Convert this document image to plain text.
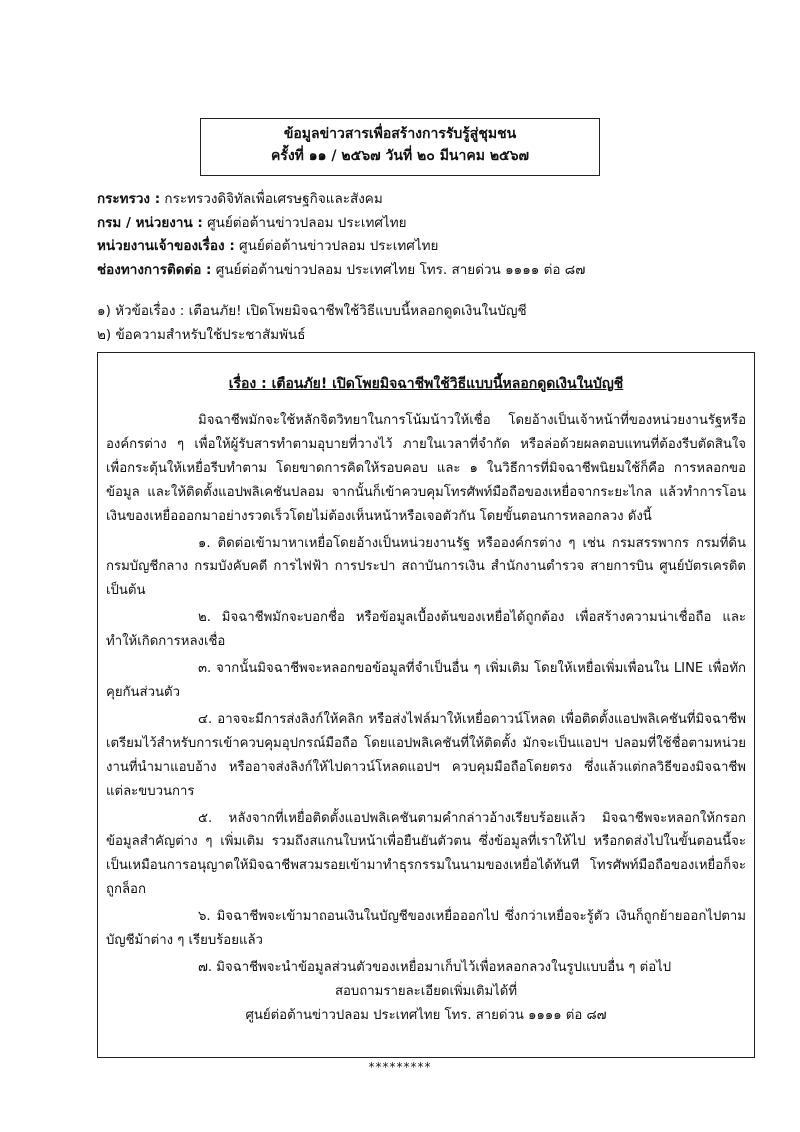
ข้อมูลข่าวสารเพื่อสร้างการรับรู้สู่ชุมชน
ครั้งที่ ๑๑ / ๒๕๖๗ วันที่ ๒๐ มีนาคม ๒๕๖๗
กระทรวง : กระทรวงดิจิทัลเพื่อเศรษฐกิจและสังคม
กรม / หน่วยงาน : ศูนย์ต่อต้านข่าวปลอม ประเทศไทย
หน่วยงานเจ้าของเรื่อง : ศูนย์ต่อต้านข่าวปลอม ประเทศไทย
ช่องทางการติดต่อ : ศูนย์ต่อต้านข่าวปลอม ประเทศไทย โทร. สายด่วน ๑๑๑๑ ต่อ ๘๗
๑) หัวข้อเรื่อง : เตือนภัย! เปิดโพยมิจฉาชีพใช้วิธีแบบนี้หลอกดูดเงินในบัญชี
๒) ข้อความสำหรับใช้ประชาสัมพันธ์
เรื่อง : เตือนภัย! เปิดโพยมิจฉาชีพใช้วิธีแบบนี้หลอกดูดเงินในบัญชี

มิจฉาชีพมักจะใช้หลักจิตวิทยาในการโน้มน้าวให้เชื่อ โดยอ้างเป็นเจ้าหน้าที่ของหน่วยงานรัฐหรือองค์กรต่าง ๆ เพื่อให้ผู้รับสารทำตามอุบายที่วางไว้ ภายในเวลาที่จำกัด หรือล่อด้วยผลตอบแทนที่ต้องรีบตัดสินใจ เพื่อกระตุ้นให้เหยื่อรีบทำตาม โดยขาดการคิดให้รอบคอบ และ ๑ ในวิธีการที่มิจฉาชีพนิยมใช้ก็คือ การหลอกขอข้อมูล และให้ติดตั้งแอปพลิเคชันปลอม จากนั้นก็เข้าควบคุมโทรศัพท์มือถือของเหยื่อจากระยะไกล แล้วทำการโอนเงินของเหยื่อออกมาอย่างรวดเร็วโดยไม่ต้องเห็นหน้าหรือเจอตัวกัน โดยขั้นตอนการหลอกลวง ดังนี้

๑. ติดต่อเข้ามาหาเหยื่อโดยอ้างเป็นหน่วยงานรัฐ หรือองค์กรต่าง ๆ เช่น กรมสรรพากร กรมที่ดิน กรมบัญชีกลาง กรมบังคับคดี การไฟฟ้า การประปา สถาบันการเงิน สำนักงานตำรวจ สายการบิน ศูนย์บัตรเครดิต เป็นต้น

๒. มิจฉาชีพมักจะบอกชื่อ หรือข้อมูลเบื้องต้นของเหยื่อได้ถูกต้อง เพื่อสร้างความน่าเชื่อถือ และทำให้เกิดการหลงเชื่อ

๓. จากนั้นมิจฉาชีพจะหลอกขอข้อมูลที่จำเป็นอื่น ๆ เพิ่มเติม โดยให้เหยื่อเพิ่มเพื่อนใน LINE เพื่อทักคุยกันส่วนตัว

๔. อาจจะมีการส่งลิงก์ให้คลิก หรือส่งไฟล์มาให้เหยื่อดาวน์โหลด เพื่อติดตั้งแอปพลิเคชันที่มิจฉาชีพเตรียมไว้สำหรับการเข้าควบคุมอุปกรณ์มือถือ โดยแอปพลิเคชันที่ให้ติดตั้ง มักจะเป็นแอปฯ ปลอมที่ใช้ชื่อตามหน่วยงานที่นำมาแอบอ้าง หรืออาจส่งลิงก์ให้ไปดาวน์โหลดแอปฯ ควบคุมมือถือโดยตรง ซึ่งแล้วแต่กลวิธีของมิจฉาชีพแต่ละขบวนการ

๕. หลังจากที่เหยื่อติดตั้งแอปพลิเคชันตามคำกล่าวอ้างเรียบร้อยแล้ว มิจฉาชีพจะหลอกให้กรอกข้อมูลสำคัญต่าง ๆ เพิ่มเติม รวมถึงสแกนใบหน้าเพื่อยืนยันตัวตน ซึ่งข้อมูลที่เราให้ไป หรือกดส่งไปในขั้นตอนนี้จะเป็นเหมือนการอนุญาตให้มิจฉาชีพสวมรอยเข้ามาทำธุรกรรมในนามของเหยื่อได้ทันที โทรศัพท์มือถือของเหยื่อก็จะถูกล็อก

๖. มิจฉาชีพจะเข้ามาถอนเงินในบัญชีของเหยื่อออกไป ซึ่งกว่าเหยื่อจะรู้ตัว เงินก็ถูกย้ายออกไปตามบัญชีม้าต่าง ๆ เรียบร้อยแล้ว

๗. มิจฉาชีพจะนำข้อมูลส่วนตัวของเหยื่อมาเก็บไว้เพื่อหลอกลวงในรูปแบบอื่น ๆ ต่อไป

สอบถามรายละเอียดเพิ่มเติมได้ที่
ศูนย์ต่อต้านข่าวปลอม ประเทศไทย โทร. สายด่วน ๑๑๑๑ ต่อ ๘๗
*********
